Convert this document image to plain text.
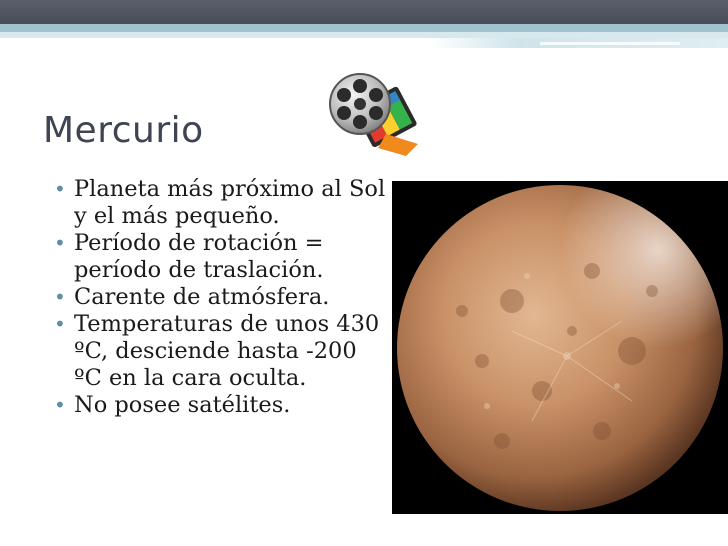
Mercurio
• Planeta más próximo al Sol y el más pequeño.
• Período de rotación = período de traslación.
• Carente de atmósfera.
• Temperaturas de unos 430 ºC, desciende hasta -200 ºC en la cara oculta.
• No posee satélites.
